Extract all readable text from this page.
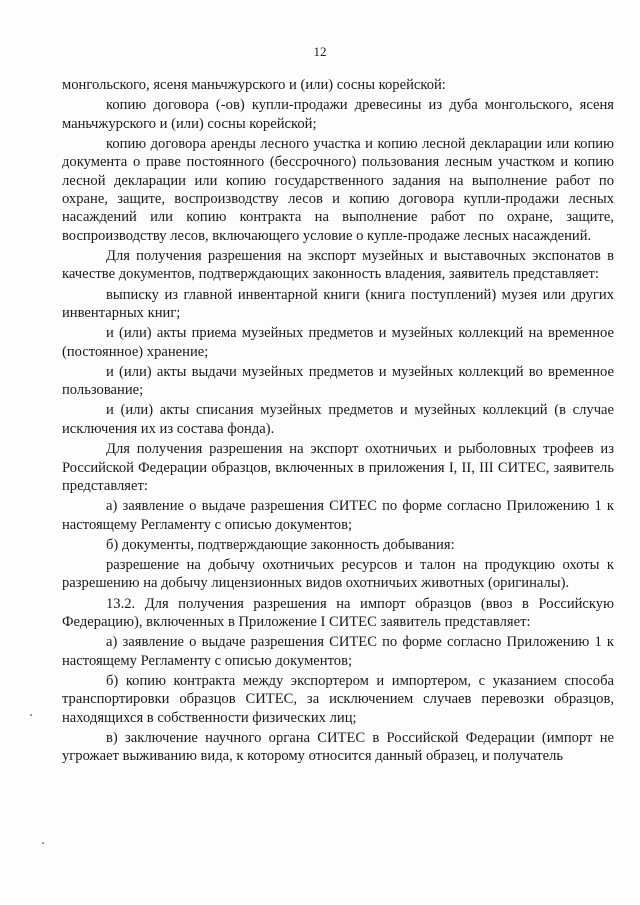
12

монгольского, ясеня маньчжурского и (или) сосны корейской:

копию договора (-ов) купли-продажи древесины из дуба монгольского, ясеня маньчжурского и (или) сосны корейской;

копию договора аренды лесного участка и копию лесной декларации или копию документа о праве постоянного (бессрочного) пользования лесным участком и копию лесной декларации или копию государственного задания на выполнение работ по охране, защите, воспроизводству лесов и копию договора купли-продажи лесных насаждений или копию контракта на выполнение работ по охране, защите, воспроизводству лесов, включающего условие о купле-продаже лесных насаждений.

Для получения разрешения на экспорт музейных и выставочных экспонатов в качестве документов, подтверждающих законность владения, заявитель представляет:

выписку из главной инвентарной книги (книга поступлений) музея или других инвентарных книг;

и (или) акты приема музейных предметов и музейных коллекций на временное (постоянное) хранение;

и (или) акты выдачи музейных предметов и музейных коллекций во временное пользование;

и (или) акты списания музейных предметов и музейных коллекций (в случае исключения их из состава фонда).

Для получения разрешения на экспорт охотничьих и рыболовных трофеев из Российской Федерации образцов, включенных в приложения I, II, III СИТЕС, заявитель представляет:

а) заявление о выдаче разрешения СИТЕС по форме согласно Приложению 1 к настоящему Регламенту с описью документов;

б) документы, подтверждающие законность добывания:

разрешение на добычу охотничьих ресурсов и талон на продукцию охоты к разрешению на добычу лицензионных видов охотничьих животных (оригиналы).

13.2. Для получения разрешения на импорт образцов (ввоз в Российскую Федерацию), включенных в Приложение I СИТЕС заявитель представляет:

а) заявление о выдаче разрешения СИТЕС по форме согласно Приложению 1 к настоящему Регламенту с описью документов;

б) копию контракта между экспортером и импортером, с указанием способа транспортировки образцов СИТЕС, за исключением случаев перевозки образцов, находящихся в собственности физических лиц;

в) заключение научного органа СИТЕС в Российской Федерации (импорт не угрожает выживанию вида, к которому относится данный образец, и получатель
